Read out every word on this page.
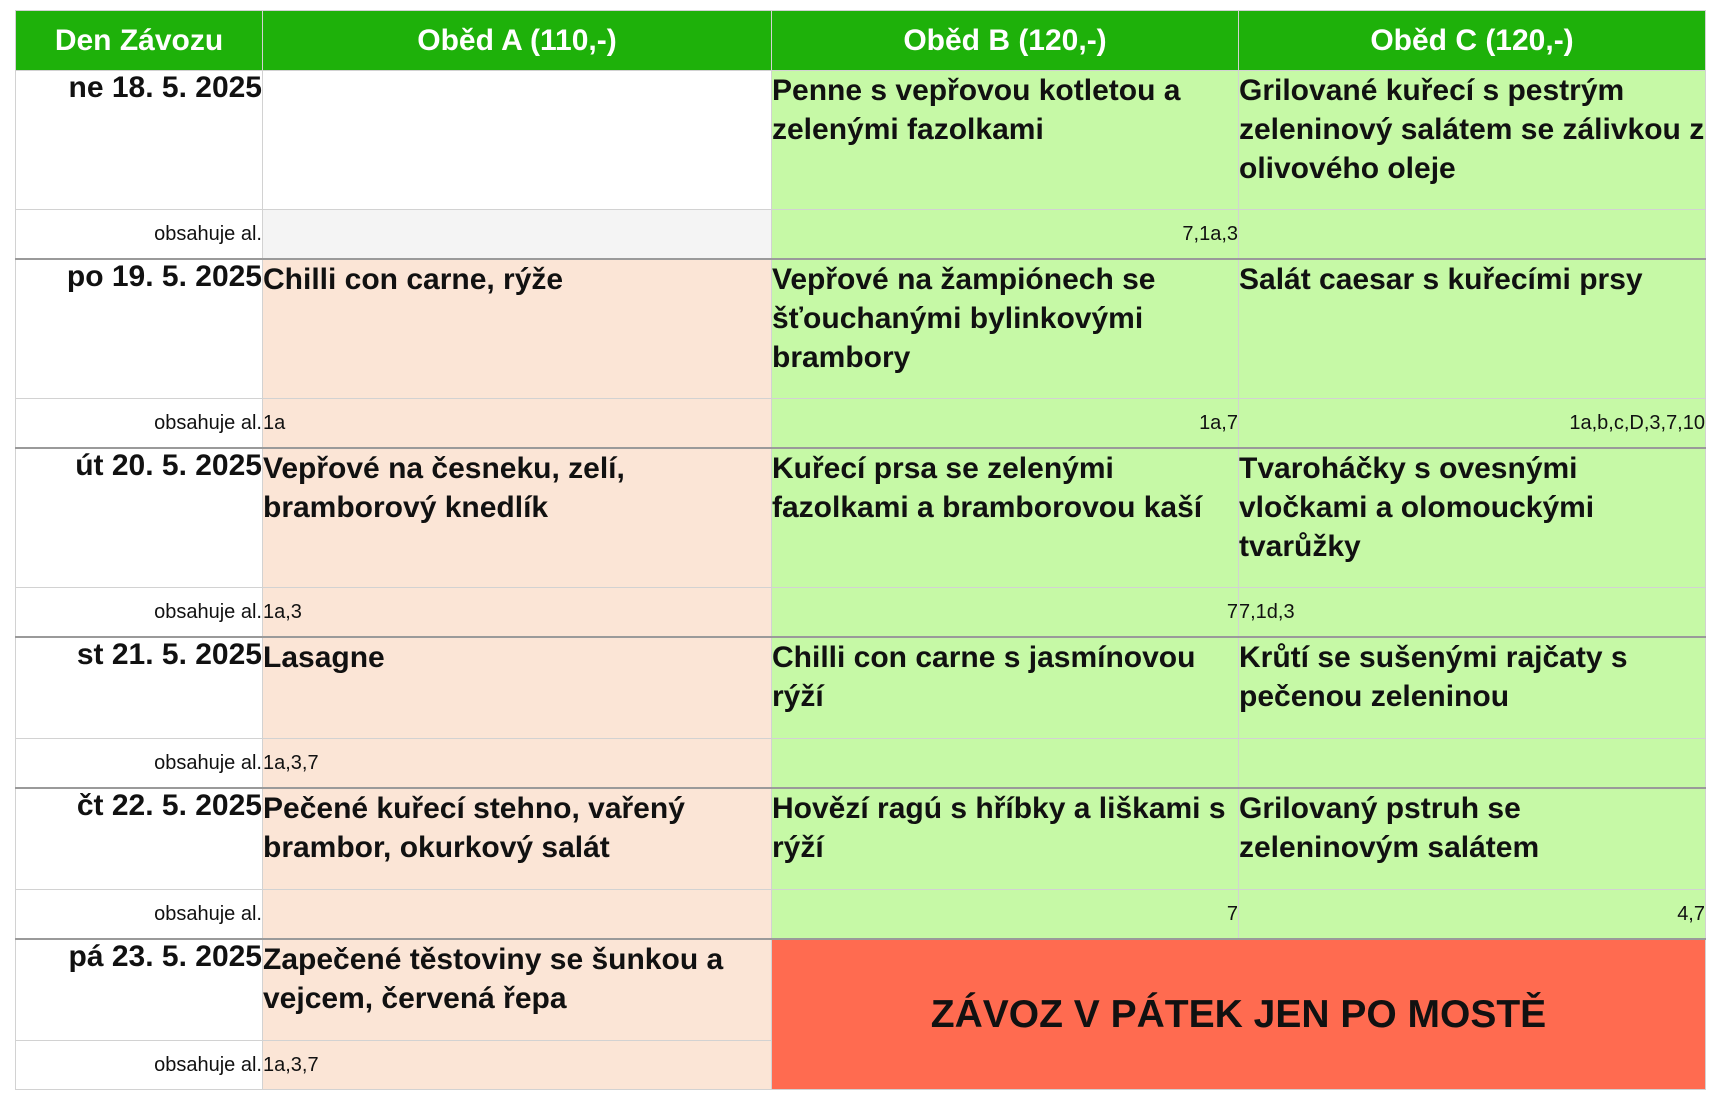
Den Závozu	Oběd A (110,-)	Oběd B (120,-)	Oběd C (120,-)
ne 18. 5. 2025		Penne s vepřovou kotletou a zelenými fazolkami	Grilované kuřecí s pestrým zeleninový salátem se zálivkou z olivového oleje
obsahuje al.		7,1a,3	
po 19. 5. 2025	Chilli con carne, rýže	Vepřové na žampiónech se šťouchanými bylinkovými brambory	Salát caesar s kuřecími prsy
obsahuje al.	1a	1a,7	1a,b,c,D,3,7,10
út 20. 5. 2025	Vepřové na česneku, zelí, bramborový knedlík	Kuřecí prsa se zelenými fazolkami a bramborovou kaší	Tvaroháčky s ovesnými vločkami a olomouckými tvarůžky
obsahuje al.	1a,3	7	7,1d,3
st 21. 5. 2025	Lasagne	Chilli con carne s jasmínovou rýží	Krůtí se sušenými rajčaty s pečenou zeleninou
obsahuje al.	1a,3,7		
čt 22. 5. 2025	Pečené kuřecí stehno, vařený brambor, okurkový salát	Hovězí ragú s hříbky a liškami s rýží	Grilovaný pstruh se zeleninovým salátem
obsahuje al.		7	4,7
pá 23. 5. 2025	Zapečené těstoviny se šunkou a vejcem, červená řepa	ZÁVOZ V PÁTEK JEN PO MOSTĚ	
obsahuje al.	1a,3,7		
